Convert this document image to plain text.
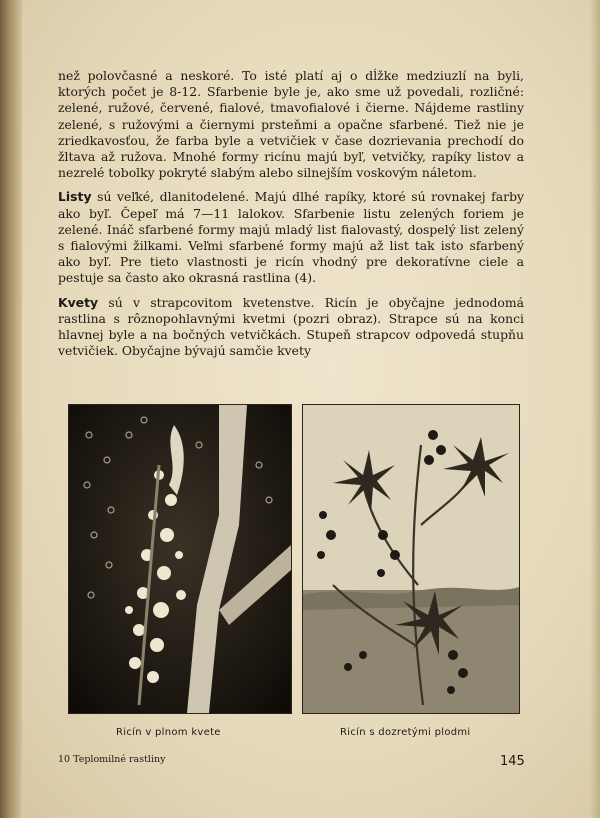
než polovčasné a neskoré. To isté platí aj o dĺžke medziuzlí na byli, ktorých počet je 8-12. Sfarbenie byle je, ako sme už povedali, rozličné: zelené, ružové, červené, fialové, tmavofialové i čierne. Nájdeme rastliny zelené, s ružovými a čiernymi prsteňmi a opačne sfarbené. Tiež nie je zriedkavosťou, že farba byle a vetvičiek v čase dozrievania prechodí do žltava až ružova. Mnohé formy ricínu majú byľ, vetvičky, rapíky listov a nezrelé tobolky pokryté slabým alebo silnejším voskovým náletom.

Listy sú veľké, dlanitodelené. Majú dlhé rapíky, ktoré sú rovnakej farby ako byľ. Čepeľ má 7—11 lalokov. Sfarbenie listu zelených foriem je zelené. Ináč sfarbené formy majú mladý list fialovastý, dospelý list zelený s fialovými žilkami. Veľmi sfarbené formy majú až list tak isto sfarbený ako byľ. Pre tieto vlastnosti je ricín vhodný pre dekoratívne ciele a pestuje sa často ako okrasná rastlina (4).

Kvety sú v strapcovitom kvetenstve. Ricín je obyčajne jednodomá rastlina s rôznopohlavnými kvetmi (pozri obraz). Strapce sú na konci hlavnej byle a na bočných vetvičkách. Stupeň strapcov odpovedá stupňu vetvičiek. Obyčajne bývajú samčie kvety

Ricín v plnom kvete	Ricín s dozretými plodmi
10 Teplomilné rastliny	145
